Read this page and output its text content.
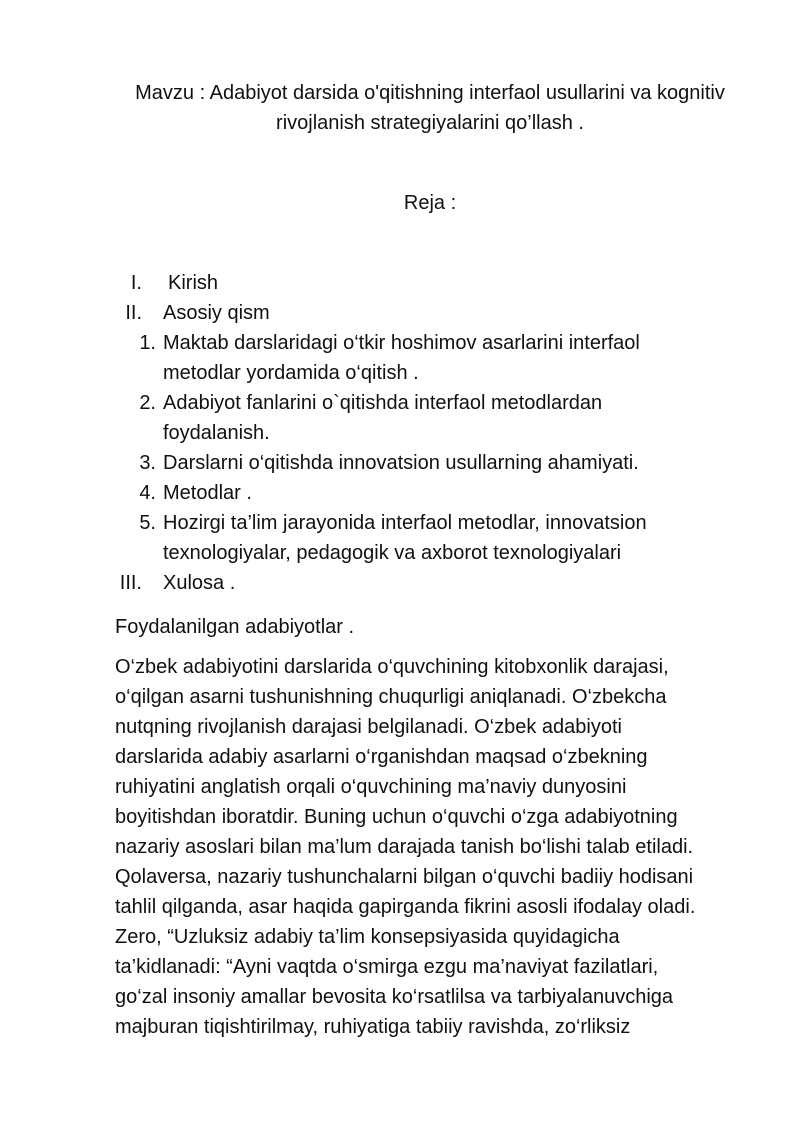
Mavzu : Adabiyot darsida o'qitishning interfaol usullarini va kognitiv
rivojlanish strategiyalarini qo’llash .
Reja :
I. Kirish
II. Asosiy qism
1. Maktab darslaridagi o‘tkir hoshimov asarlarini interfaol
metodlar yordamida o‘qitish .
2. Adabiyot fanlarini o`qitishda interfaol metodlardan
foydalanish.
3. Darslarni o‘qitishda innovatsion usullarning ahamiyati.
4. Metodlar .
5. Hozirgi ta’lim jarayonida interfaol metodlar, innovatsion
texnologiyalar, pedagogik va axborot texnologiyalari
III. Xulosa .
Foydalanilgan adabiyotlar .
O‘zbek adabiyotini darslarida o‘quvchining kitobxonlik darajasi,
o‘qilgan asarni tushunishning chuqurligi aniqlanadi. O‘zbekcha
nutqning rivojlanish darajasi belgilanadi. O‘zbek adabiyoti
darslarida adabiy asarlarni o‘rganishdan maqsad o‘zbekning
ruhiyatini anglatish orqali o‘quvchining ma’naviy dunyosini
boyitishdan iboratdir. Buning uchun o‘quvchi o‘zga adabiyotning
nazariy asoslari bilan ma’lum darajada tanish bo‘lishi talab etiladi.
Qolaversa, nazariy tushunchalarni bilgan o‘quvchi badiiy hodisani
tahlil qilganda, asar haqida gapirganda fikrini asosli ifodalay oladi.
Zero, “Uzluksiz adabiy ta’lim konsepsiyasida quyidagicha
ta’kidlanadi: “Ayni vaqtda o‘smirga ezgu ma’naviyat fazilatlari,
go‘zal insoniy amallar bevosita ko‘rsatlilsa va tarbiyalanuvchiga
majburan tiqishtirilmay, ruhiyatiga tabiiy ravishda, zo‘rliksiz
